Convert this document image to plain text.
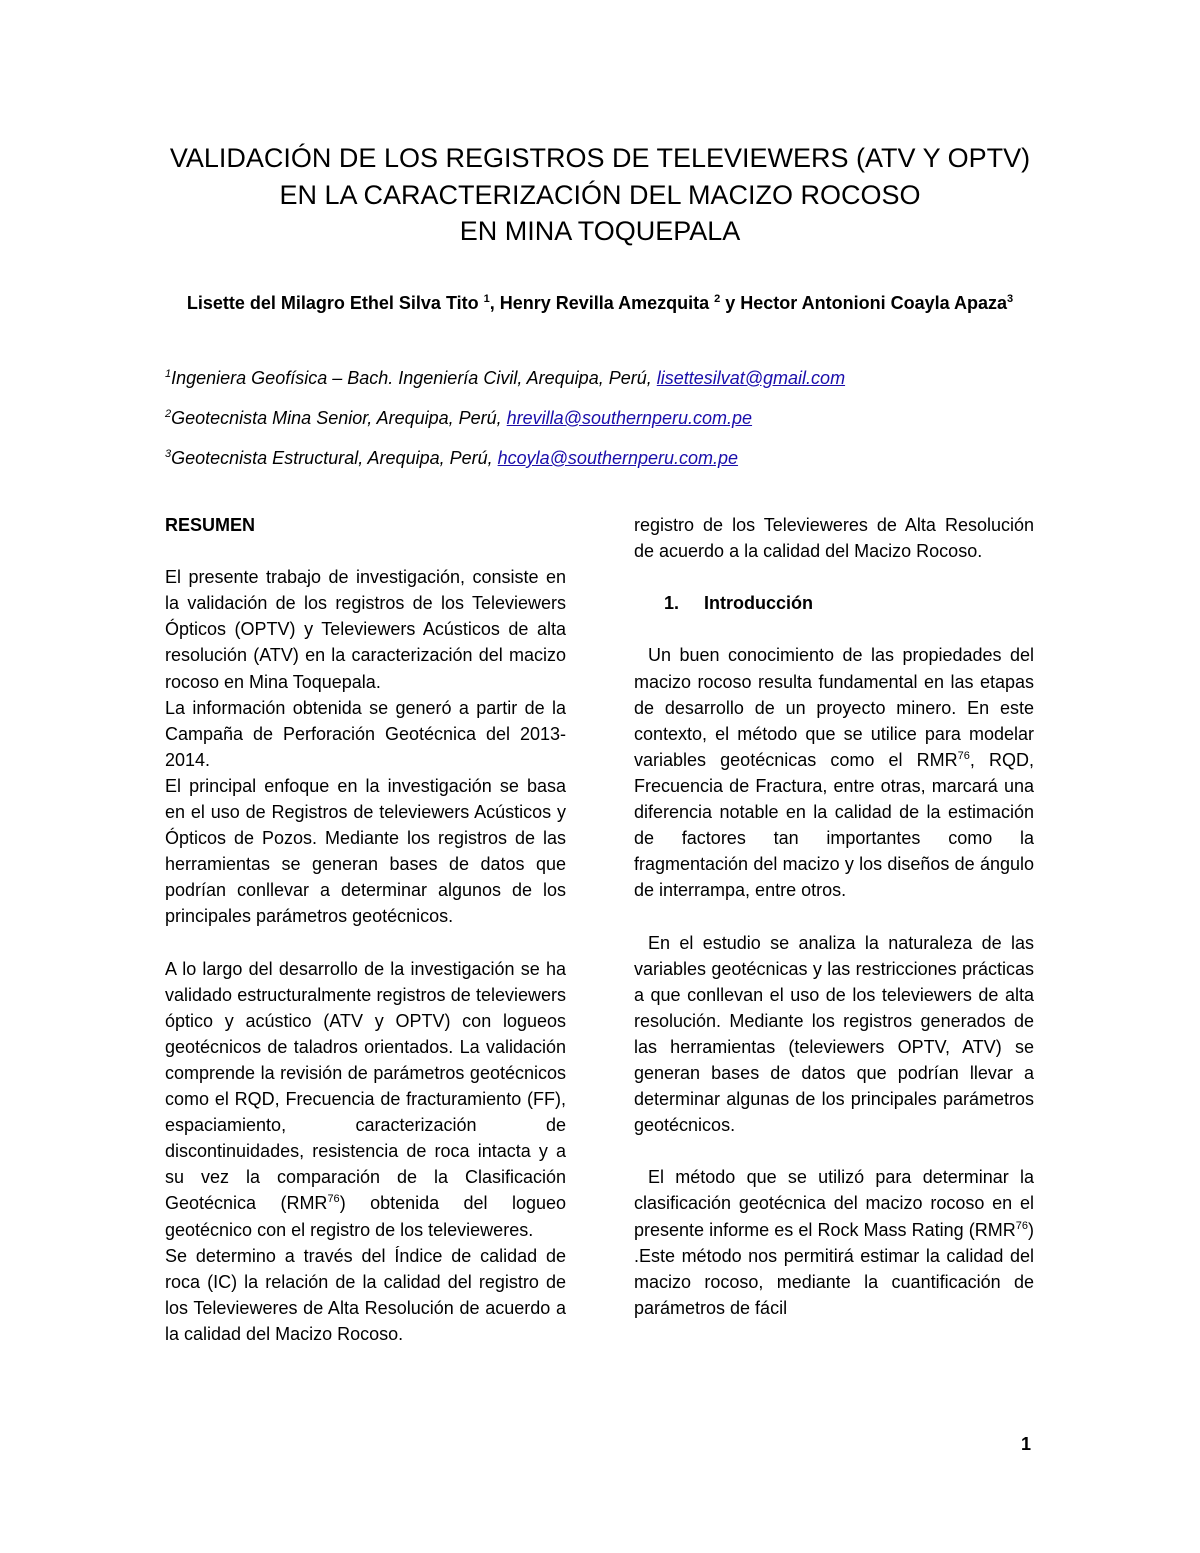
VALIDACIÓN DE LOS REGISTROS DE TELEVIEWERS (ATV Y OPTV)
EN LA CARACTERIZACIÓN DEL MACIZO ROCOSO
EN MINA TOQUEPALA
Lisette del Milagro Ethel Silva Tito $^1$, Henry Revilla Amezquita $^2$ y Hector Antonioni Coayla Apaza$^3$
$^1$Ingeniera Geofísica – Bach. Ingeniería Civil, Arequipa, Perú, lisettesilvat@gmail.com
$^2$Geotecnista Mina Senior, Arequipa, Perú, hrevilla@southernperu.com.pe
$^3$Geotecnista Estructural, Arequipa, Perú, hcoyla@southernperu.com.pe

RESUMEN

El presente trabajo de investigación, consiste en la validación de los registros de los Televiewers Ópticos (OPTV) y Televiewers Acústicos de alta resolución (ATV) en la caracterización del macizo rocoso en Mina Toquepala.

La información obtenida se generó a partir de la Campaña de Perforación Geotécnica del 2013-2014.

El principal enfoque en la investigación se basa en el uso de Registros de televiewers Acústicos y Ópticos de Pozos. Mediante los registros de las herramientas se generan bases de datos que podrían conllevar a determinar algunos de los principales parámetros geotécnicos.

A lo largo del desarrollo de la investigación se ha validado estructuralmente registros de televiewers óptico y acústico (ATV y OPTV) con logueos geotécnicos de taladros orientados. La validación comprende la revisión de parámetros geotécnicos como el RQD, Frecuencia de fracturamiento (FF), espaciamiento, caracterización de discontinuidades, resistencia de roca intacta y a su vez la comparación de la Clasificación Geotécnica (RMR$^{76}$) obtenida del logueo geotécnico con el registro de los televieweres.

Se determino a través del Índice de calidad de roca (IC) la relación de la calidad del registro de los Televieweres de Alta Resolución de acuerdo a la calidad del Macizo Rocoso.

registro de los Televieweres de Alta Resolución de acuerdo a la calidad del Macizo Rocoso.

1. Introducción

Un buen conocimiento de las propiedades del macizo rocoso resulta fundamental en las etapas de desarrollo de un proyecto minero. En este contexto, el método que se utilice para modelar variables geotécnicas como el RMR$^{76}$, RQD, Frecuencia de Fractura, entre otras, marcará una diferencia notable en la calidad de la estimación de factores tan importantes como la fragmentación del macizo y los diseños de ángulo de interrampa, entre otros.

En el estudio se analiza la naturaleza de las variables geotécnicas y las restricciones prácticas a que conllevan el uso de los televiewers de alta resolución. Mediante los registros generados de las herramientas (televiewers OPTV, ATV) se generan bases de datos que podrían llevar a determinar algunas de los principales parámetros geotécnicos.

El método que se utilizó para determinar la clasificación geotécnica del macizo rocoso en el presente informe es el Rock Mass Rating (RMR$^{76}$) .Este método nos permitirá estimar la calidad del macizo rocoso, mediante la cuantificación de parámetros de fácil

1
